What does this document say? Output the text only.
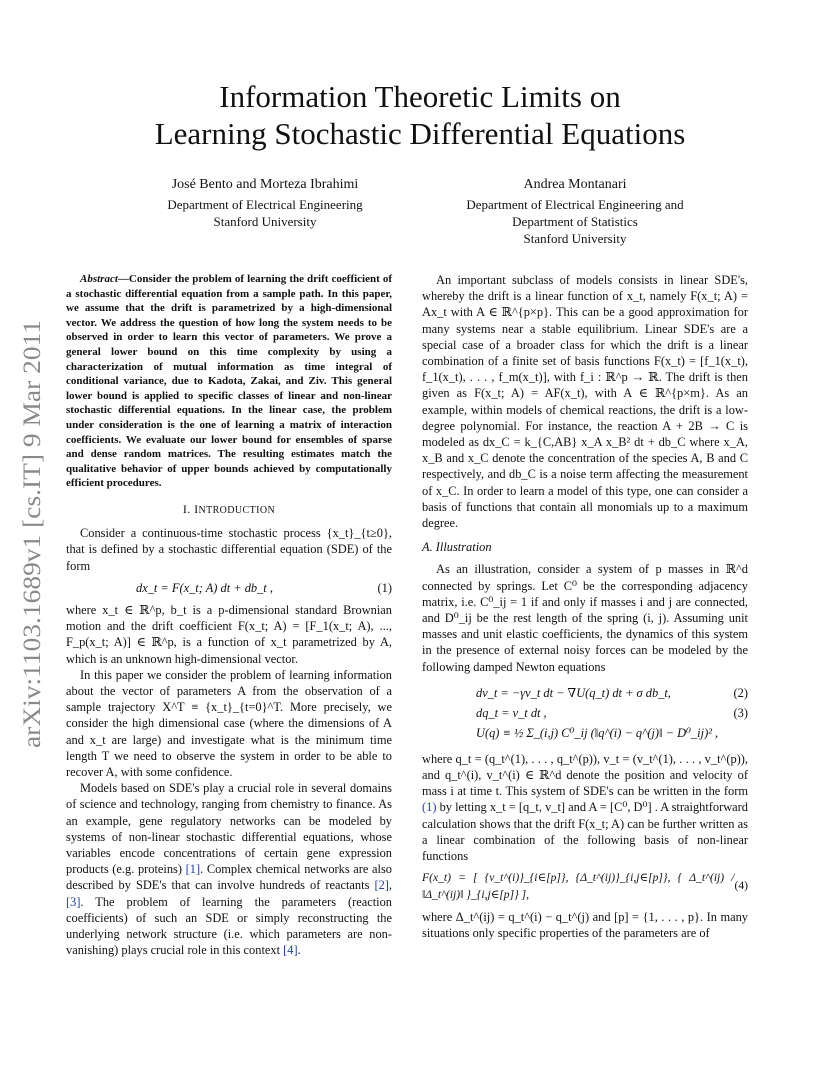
arXiv:1103.1689v1 [cs.IT] 9 Mar 2011
Information Theoretic Limits on
Learning Stochastic Differential Equations
José Bento and Morteza Ibrahimi
Department of Electrical Engineering
Stanford University
Andrea Montanari
Department of Electrical Engineering and
Department of Statistics
Stanford University

Abstract—Consider the problem of learning the drift coefficient of a stochastic differential equation from a sample path. In this paper, we assume that the drift is parametrized by a high-dimensional vector. We address the question of how long the system needs to be observed in order to learn this vector of parameters. We prove a general lower bound on this time complexity by using a characterization of mutual information as time integral of conditional variance, due to Kadota, Zakai, and Ziv. This general lower bound is applied to specific classes of linear and non-linear stochastic differential equations. In the linear case, the problem under consideration is the one of learning a matrix of interaction coefficients. We evaluate our lower bound for ensembles of sparse and dense random matrices. The resulting estimates match the qualitative behavior of upper bounds achieved by computationally efficient procedures.

I. INTRODUCTION

Consider a continuous-time stochastic process {x_t}_{t≥0}, that is defined by a stochastic differential equation (SDE) of the form

dx_t = F(x_t; A) dt + db_t ,	(1)

where x_t ∈ ℝ^p, b_t is a p-dimensional standard Brownian motion and the drift coefficient F(x_t; A) = [F_1(x_t; A), ..., F_p(x_t; A)] ∈ ℝ^p, is a function of x_t parametrized by A, which is an unknown high-dimensional vector.

In this paper we consider the problem of learning information about the vector of parameters A from the observation of a sample trajectory X^T ≡ {x_t}_{t=0}^T. More precisely, we consider the high dimensional case (where the dimensions of A and x_t are large) and investigate what is the minimum time length T we need to observe the system in order to be able to recover A, with some confidence.

Models based on SDE's play a crucial role in several domains of science and technology, ranging from chemistry to finance. As an example, gene regulatory networks can be modeled by systems of non-linear stochastic differential equations, whose variables encode concentrations of certain gene expression products (e.g. proteins) [1]. Complex chemical networks are also described by SDE's that can involve hundreds of reactants [2], [3]. The problem of learning the parameters (reaction coefficients) of such an SDE or simply reconstructing the underlying network structure (i.e. which parameters are non-vanishing) plays crucial role in this context [4].

An important subclass of models consists in linear SDE's, whereby the drift is a linear function of x_t, namely F(x_t; A) = Ax_t with A ∈ ℝ^{p×p}. This can be a good approximation for many systems near a stable equilibrium. Linear SDE's are a special case of a broader class for which the drift is a linear combination of a finite set of basis functions F(x_t) = [f_1(x_t), f_1(x_t), . . . , f_m(x_t)], with f_i : ℝ^p → ℝ. The drift is then given as F(x_t; A) = AF(x_t), with A ∈ ℝ^{p×m}. As an example, within models of chemical reactions, the drift is a low-degree polynomial. For instance, the reaction A + 2B → C is modeled as dx_C = k_{C,AB} x_A x_B² dt + db_C where x_A, x_B and x_C denote the concentration of the species A, B and C respectively, and db_C is a noise term affecting the measurement of x_C. In order to learn a model of this type, one can consider a basis of functions that contain all monomials up to a maximum degree.

A. Illustration

As an illustration, consider a system of p masses in ℝ^d connected by springs. Let C⁰ be the corresponding adjacency matrix, i.e. C⁰_ij = 1 if and only if masses i and j are connected, and D⁰_ij be the rest length of the spring (i, j). Assuming unit masses and unit elastic coefficients, the dynamics of this system in the presence of external noisy forces can be modeled by the following damped Newton equations

dv_t = −γv_t dt − ∇U(q_t) dt + σ db_t,	(2)
dq_t = v_t dt ,	(3)
U(q) ≡ ½ Σ_(i,j) C⁰_ij (‖q^(i) − q^(j)‖ − D⁰_ij)² ,

where q_t = (q_t^(1), . . . , q_t^(p)), v_t = (v_t^(1), . . . , v_t^(p)), and q_t^(i), v_t^(i) ∈ ℝ^d denote the position and velocity of mass i at time t. This system of SDE's can be written in the form (1) by letting x_t = [q_t, v_t] and A = [C⁰, D⁰] . A straightforward calculation shows that the drift F(x_t; A) can be further written as a linear combination of the following basis of non-linear functions

F(x_t) = [ {v_t^(i)}_{i∈[p]}, {Δ_t^(ij)}_{i,j∈[p]}, { Δ_t^(ij) / ‖Δ_t^(ij)‖ }_{i,j∈[p]} ],
(4)

where Δ_t^(ij) = q_t^(i) − q_t^(j) and [p] = {1, . . . , p}. In many situations only specific properties of the parameters are of
